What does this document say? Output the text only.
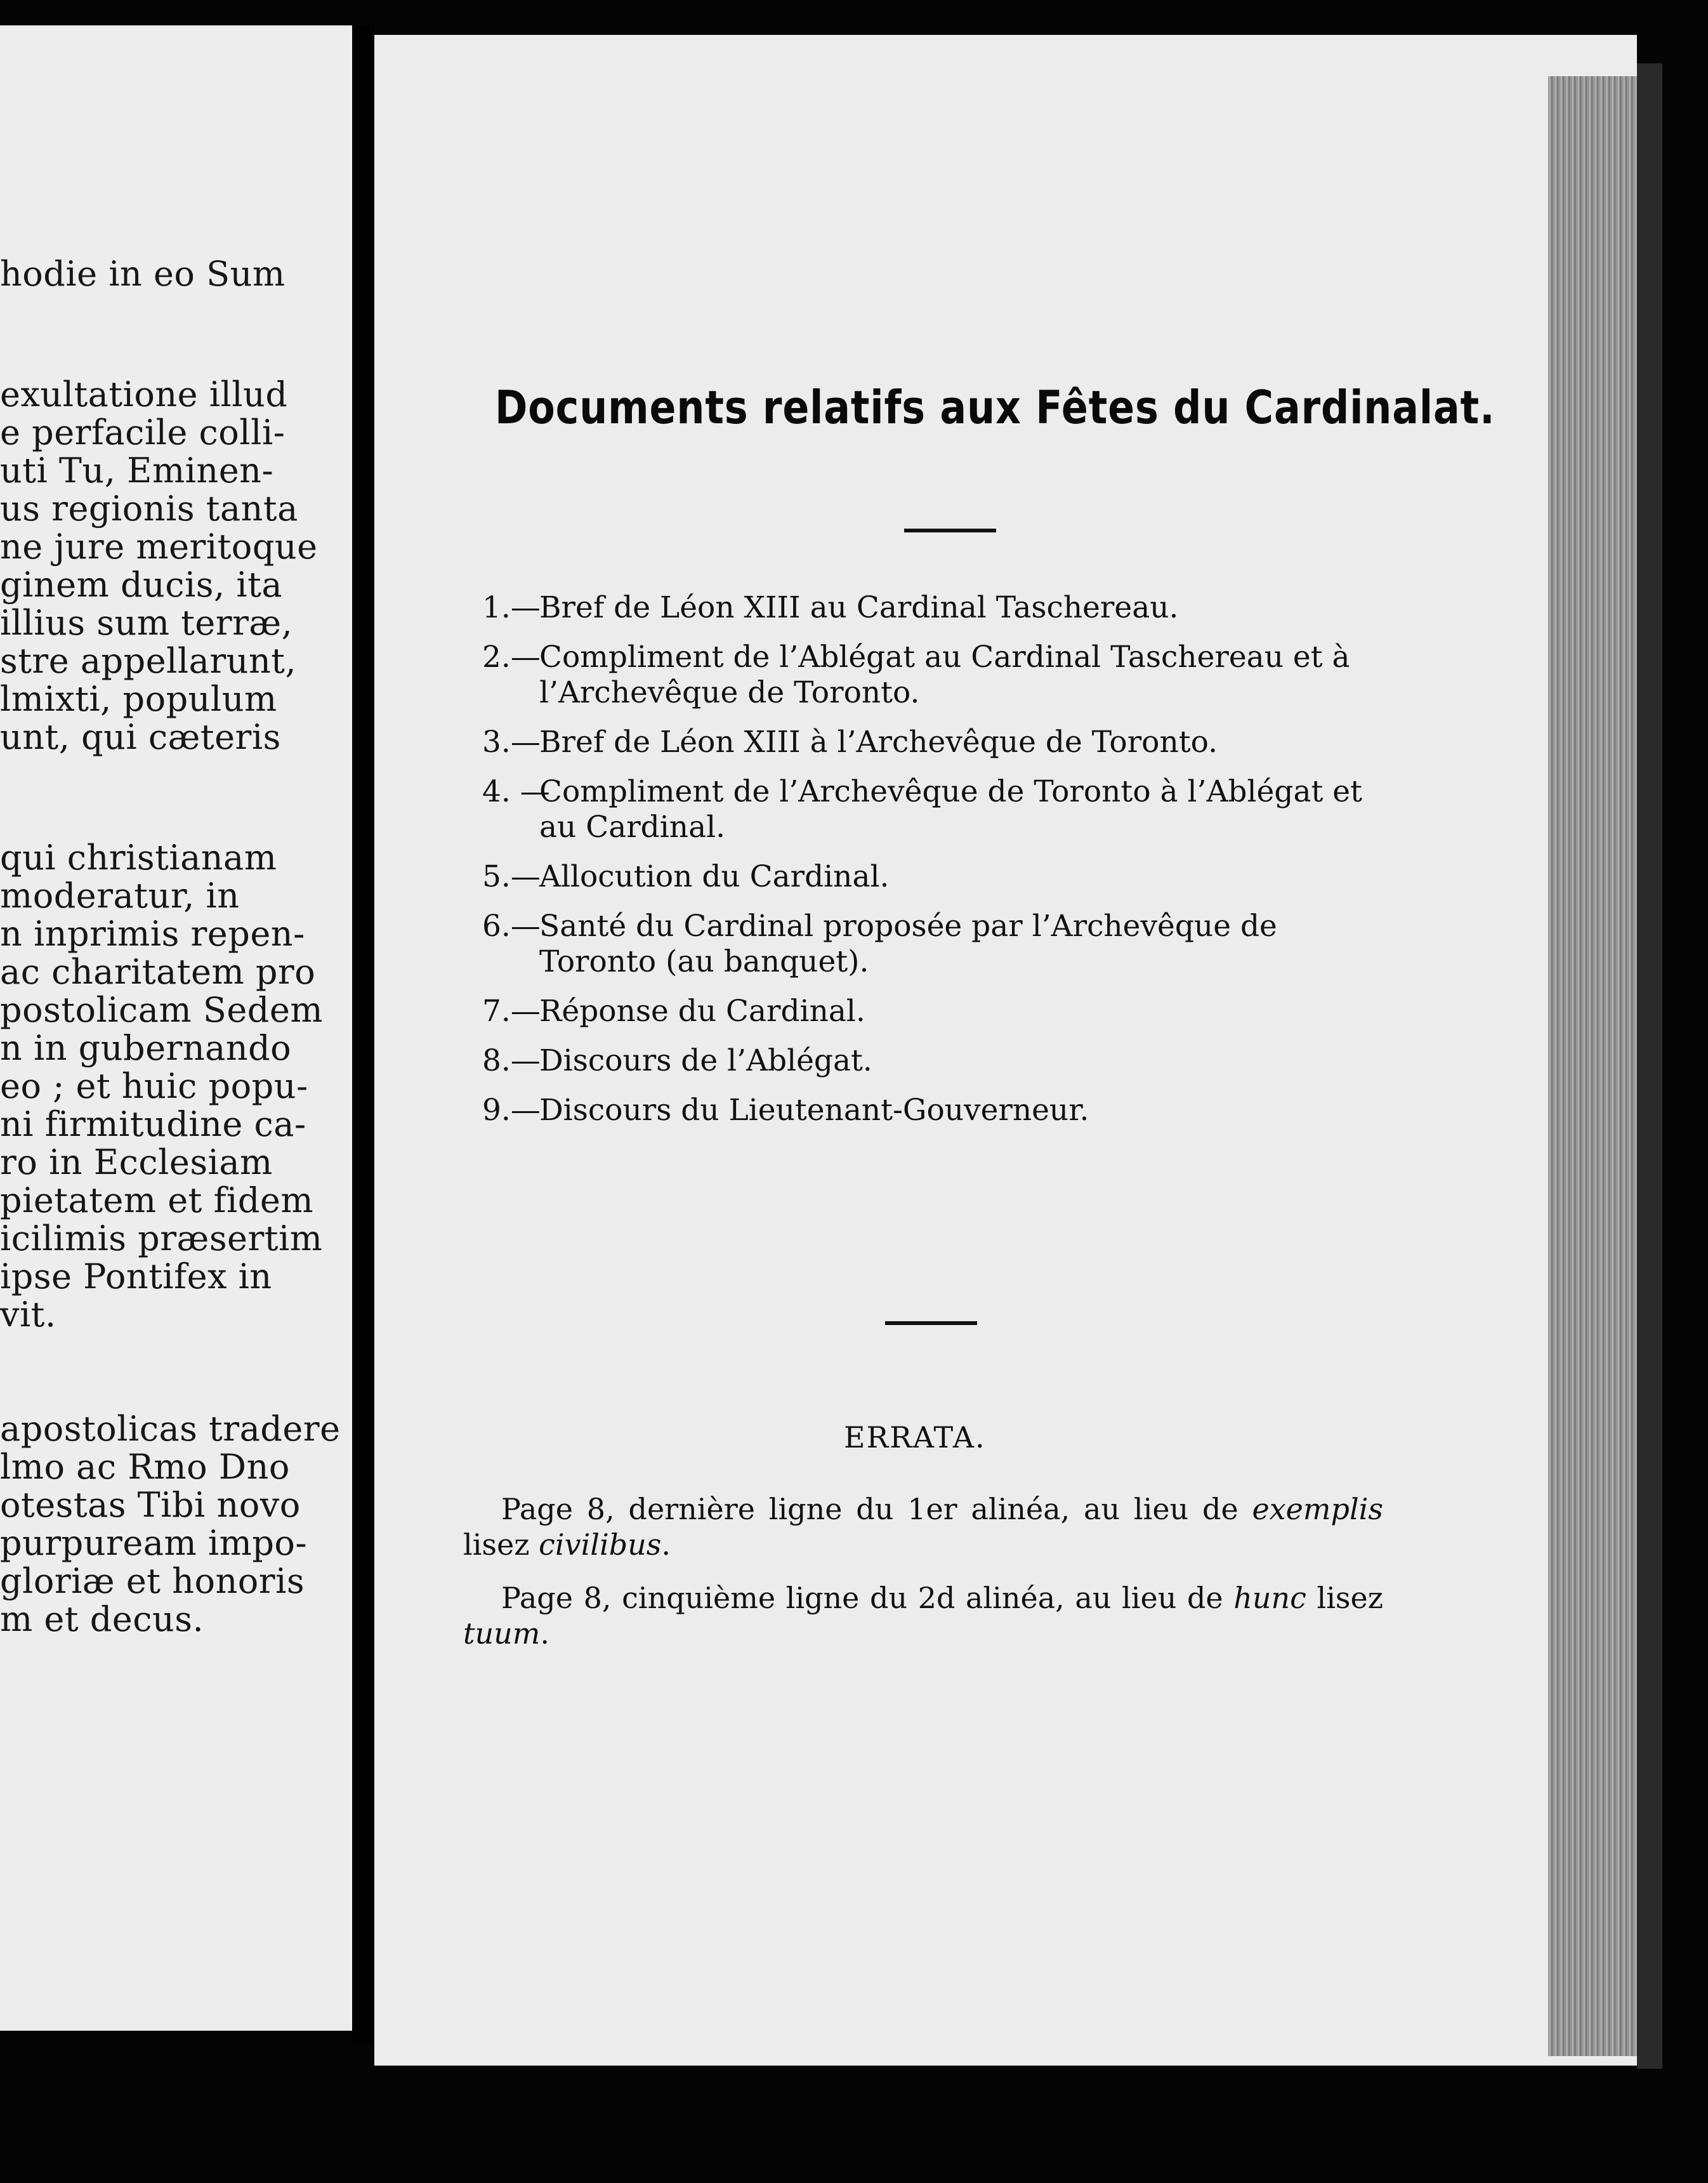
hodie in eo Sum
exultatione illud
e perfacile colli-
uti Tu, Eminen-
us regionis tanta
ne jure meritoque
ginem ducis, ita
illius sum terræ,
stre appellarunt,
lmixti, populum
unt, qui cæteris
qui christianam
moderatur, in
n inprimis repen-
ac charitatem pro
postolicam Sedem
n in gubernando
eo ; et huic popu-
ni firmitudine ca-
ro in Ecclesiam
pietatem et fidem
icilimis præsertim
ipse Pontifex in
vit.
apostolicas tradere
lmo ac Rmo Dno
otestas Tibi novo
purpuream impo-
gloriæ et honoris
m et decus.
Documents relatifs aux Fêtes du Cardinalat.
1.—
Bref de Léon XIII au Cardinal Taschereau.
2.—
Compliment de l’Ablégat au Cardinal Taschereau et à l’Archevêque de Toronto.
3.—
Bref de Léon XIII à l’Archevêque de Toronto.
4. —
Compliment de l’Archevêque de Toronto à l’Ablégat et au Cardinal.
5.—
Allocution du Cardinal.
6.—
Santé du Cardinal proposée par l’Archevêque de Toronto (au banquet).
7.—
Réponse du Cardinal.
8.—
Discours de l’Ablégat.
9.—
Discours du Lieutenant-Gouverneur.
ERRATA.

Page 8, dernière ligne du 1er alinéa, au lieu de exemplis lisez civilibus.

Page 8, cinquième ligne du 2d alinéa, au lieu de hunc lisez tuum.
